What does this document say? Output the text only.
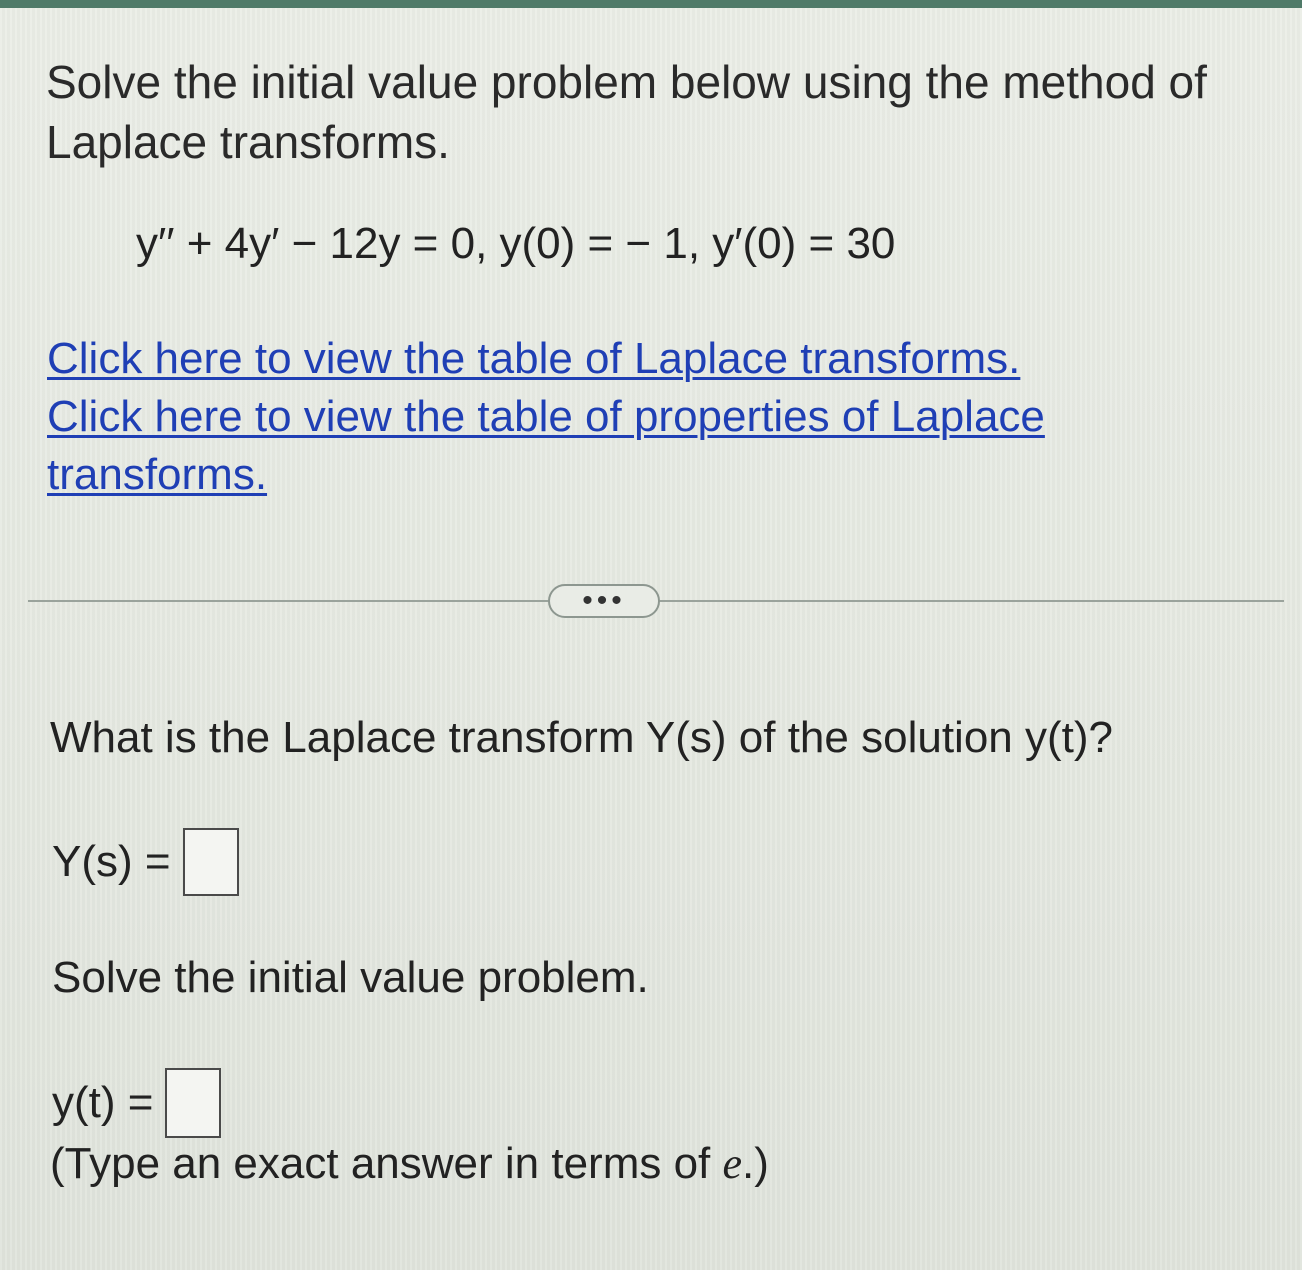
Solve the initial value problem below using the method of Laplace transforms.

y′′ + 4y′ − 12y = 0, y(0) = − 1, y′(0) = 30
Click here to view the table of Laplace transforms.
Click here to view the table of properties of Laplace transforms.
•••
What is the Laplace transform Y(s) of the solution y(t)?
Y(s) =
Solve the initial value problem.
y(t) =
(Type an exact answer in terms of e.)
